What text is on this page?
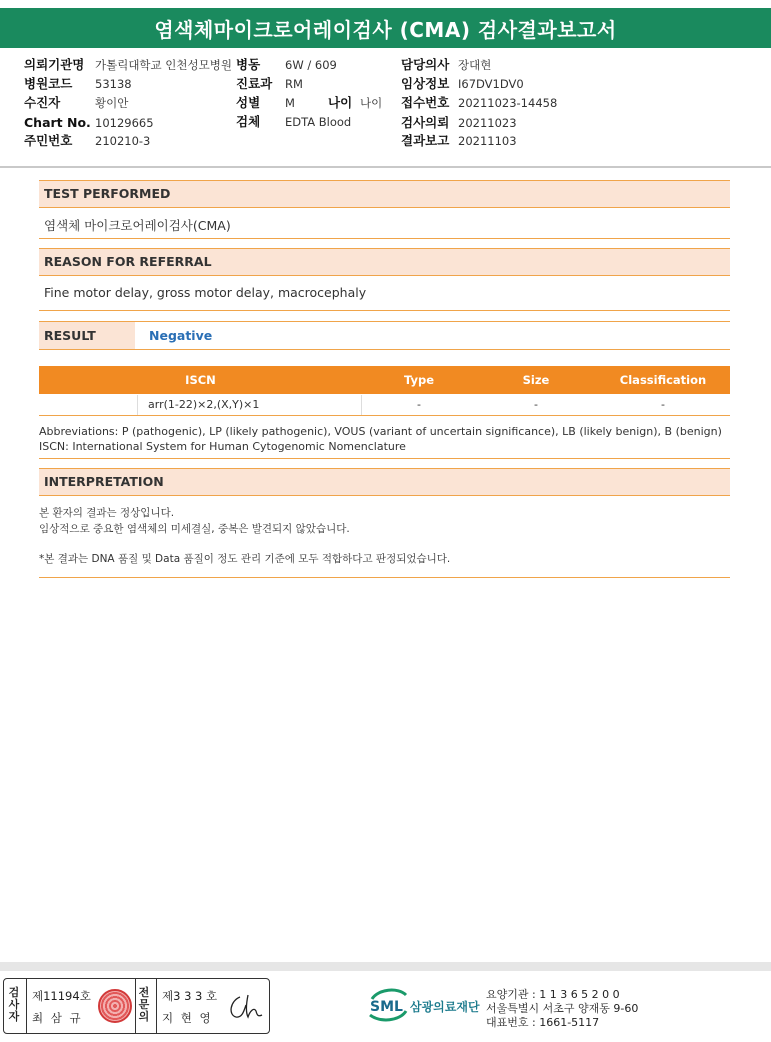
염색체마이크로어레이검사 (CMA) 검사결과보고서
의뢰기관명 가톨릭대학교 인천성모병원
병원코드 53138
수진자	황이안
Chart No. 10129665
주민번호 210210-3
병동 6W / 609
진료과 RM
성별 M	나이 나이
검체 EDTA Blood
담당의사 장대현
임상정보 I67DV1DV0
접수번호 20211023-14458
검사의뢰 20211023
결과보고 20211103
TEST PERFORMED
염색체 마이크로어레이검사(CMA)
REASON FOR REFERRAL
Fine motor delay, gross motor delay, macrocephaly
RESULT	Negative
ISCN	Type	Size	Classification
arr(1-22)×2,(X,Y)×1	-	-	-
Abbreviations: P (pathogenic), LP (likely pathogenic), VOUS (variant of uncertain significance), LB (likely benign), B (benign)
ISCN: International System for Human Cytogenomic Nomenclature
INTERPRETATION
본 환자의 결과는 정상입니다.
임상적으로 중요한 염색체의 미세결실, 중복은 발견되지 않았습니다.
*본 결과는 DNA 품질 및 Data 품질이 정도 관리 기준에 모두 적합하다고 판정되었습니다.
검사자
제11194호
최 삼 규
전문의
제3 3 3 호
지 현 영
SML 삼광의료재단
요양기관 : 1 1 3 6 5 2 0 0
서울특별시 서초구 양재동 9-60
대표번호 : 1661-5117
